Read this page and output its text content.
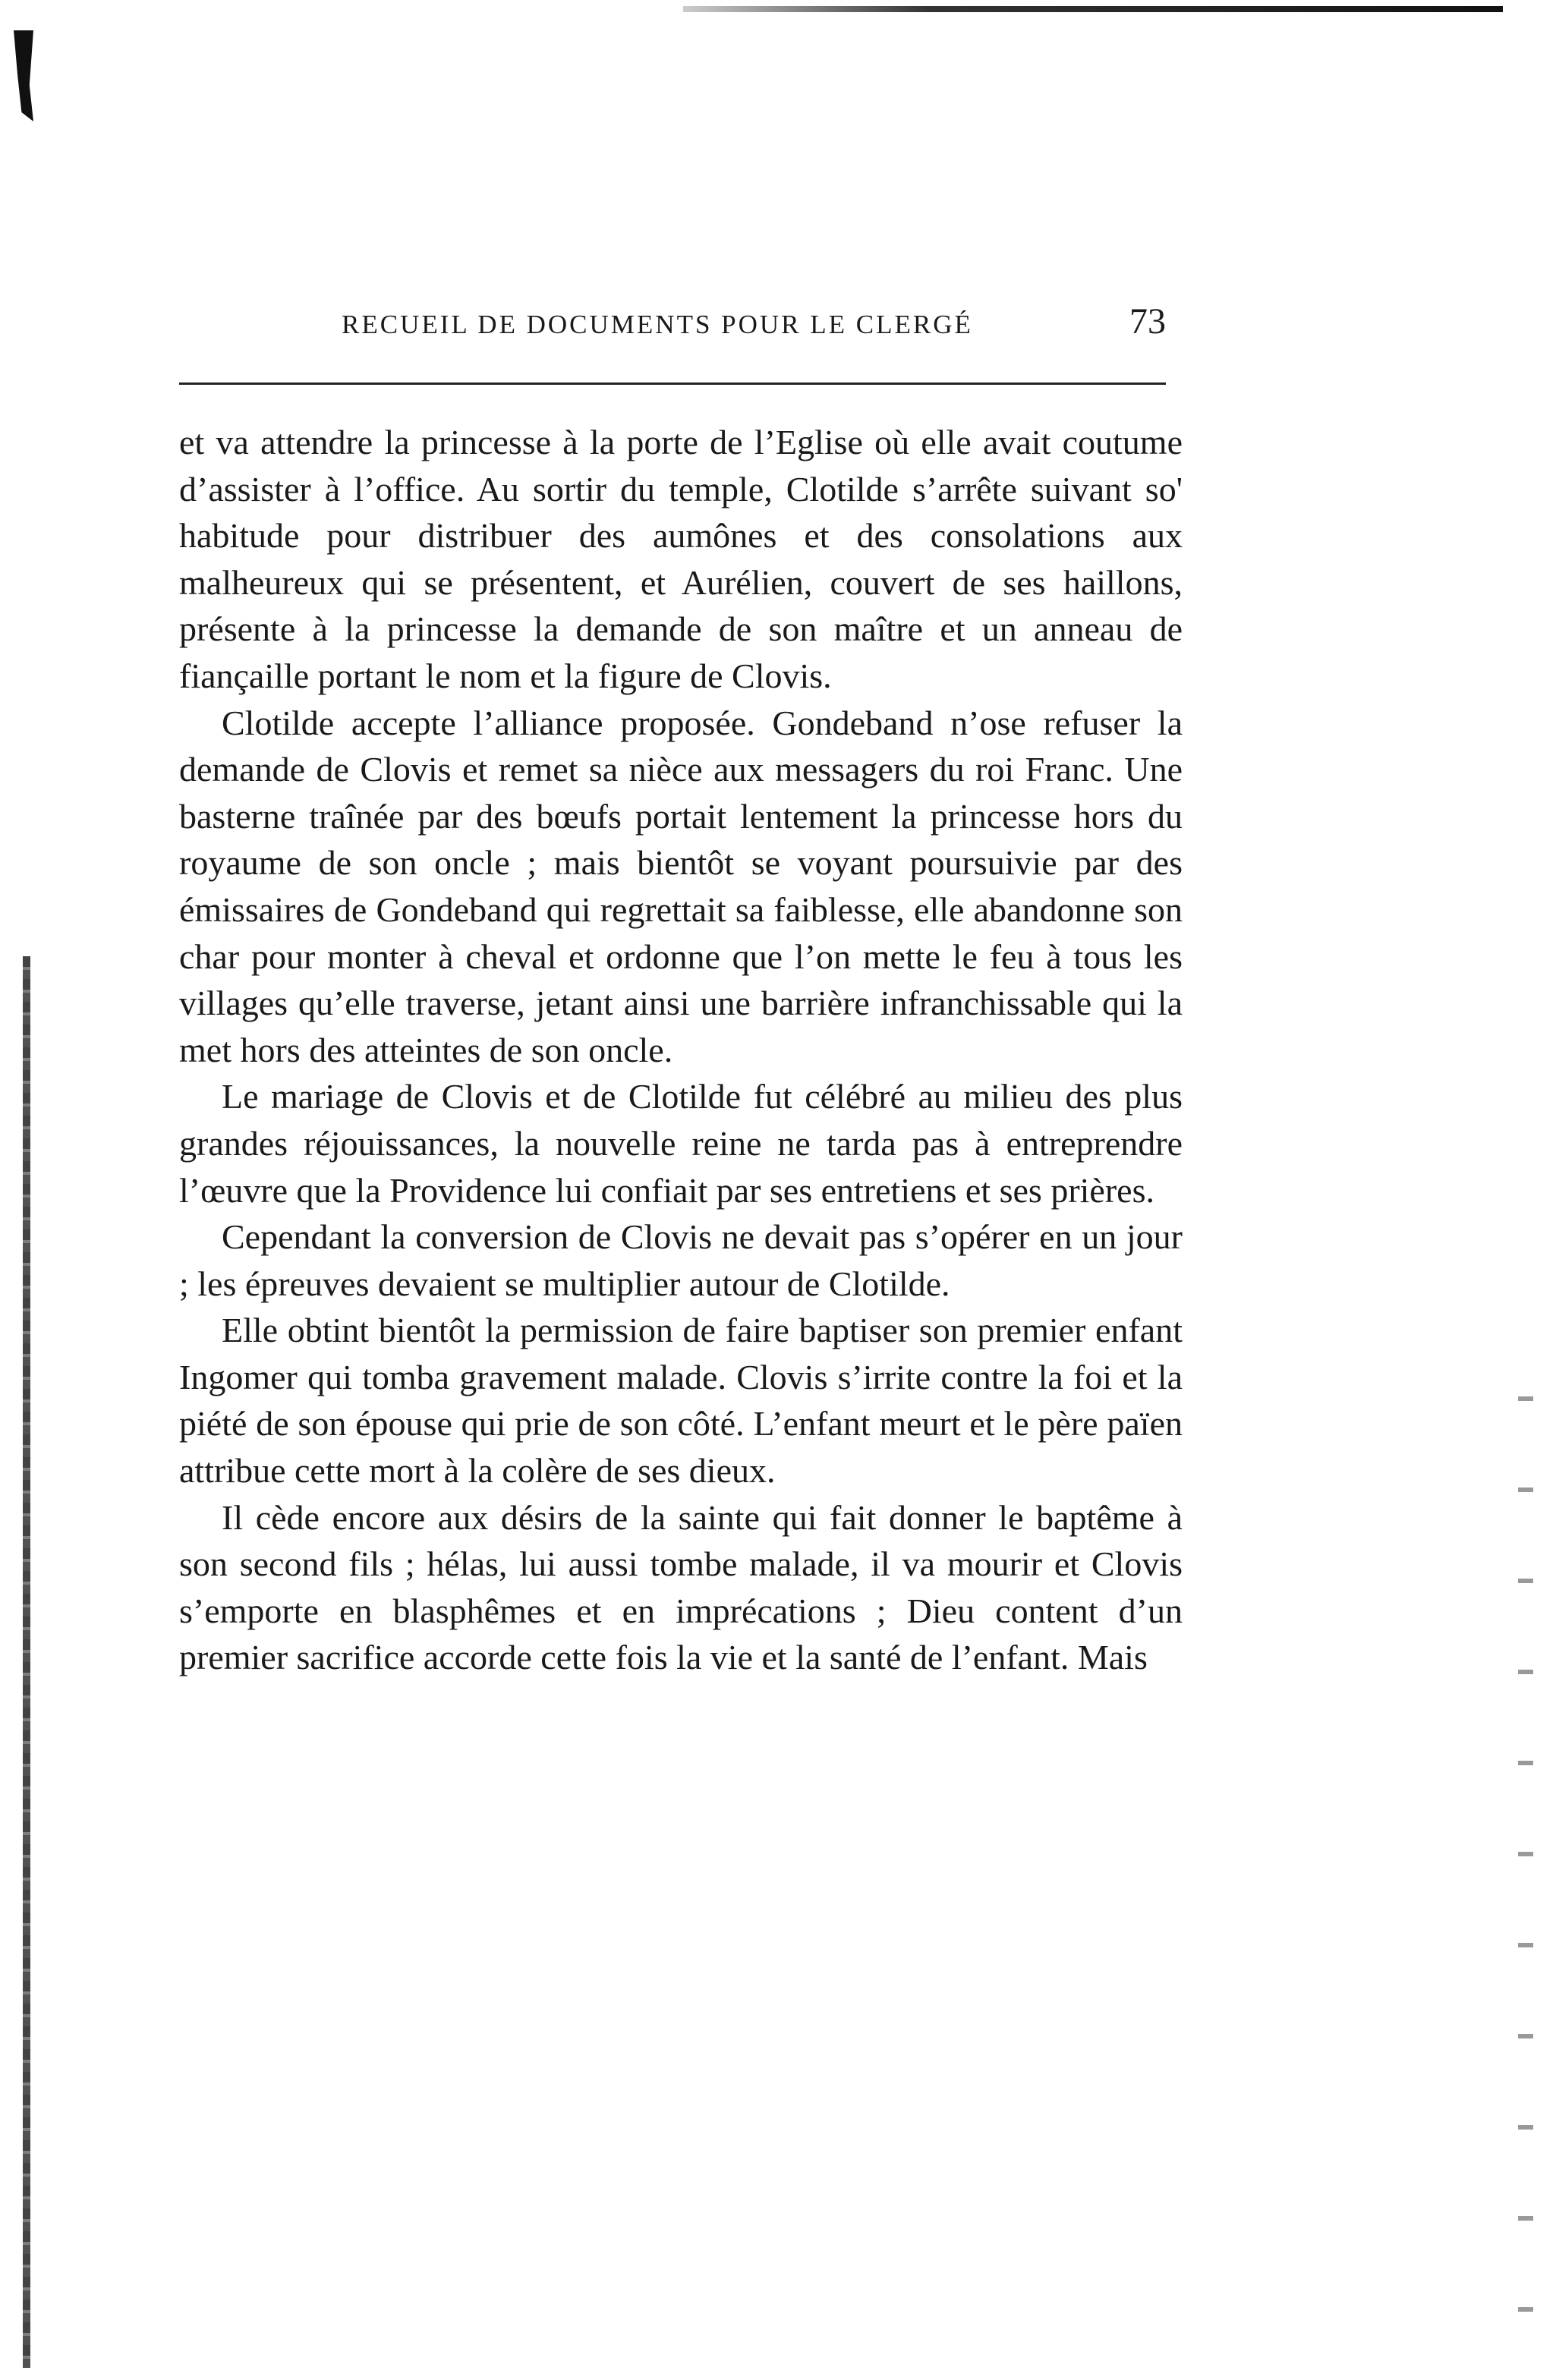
RECUEIL DE DOCUMENTS POUR LE CLERGÉ	73

et va attendre la princesse à la porte de l’Eglise où elle avait coutume d’assister à l’office. Au sortir du temple, Clotilde s’arrête suivant so' habitude pour distribuer des aumônes et des consolations aux malheureux qui se présentent, et Aurélien, couvert de ses haillons, présente à la princesse la demande de son maître et un anneau de fiançaille portant le nom et la figure de Clovis.

Clotilde accepte l’alliance proposée. Gondeband n’ose refuser la demande de Clovis et remet sa nièce aux messagers du roi Franc. Une basterne traînée par des bœufs portait lentement la princesse hors du royaume de son oncle ; mais bientôt se voyant poursuivie par des émissaires de Gondeband qui regrettait sa faiblesse, elle abandonne son char pour monter à cheval et ordonne que l’on mette le feu à tous les villages qu’elle traverse, jetant ainsi une barrière infranchissable qui la met hors des atteintes de son oncle.

Le mariage de Clovis et de Clotilde fut célébré au milieu des plus grandes réjouissances, la nouvelle reine ne tarda pas à entreprendre l’œuvre que la Providence lui confiait par ses entretiens et ses prières.

Cependant la conversion de Clovis ne devait pas s’opérer en un jour ; les épreuves devaient se multiplier autour de Clotilde.

Elle obtint bientôt la permission de faire baptiser son premier enfant Ingomer qui tomba gravement malade. Clovis s’irrite contre la foi et la piété de son épouse qui prie de son côté. L’enfant meurt et le père païen attribue cette mort à la colère de ses dieux.

Il cède encore aux désirs de la sainte qui fait donner le baptême à son second fils ; hélas, lui aussi tombe malade, il va mourir et Clovis s’emporte en blasphêmes et en imprécations ; Dieu content d’un premier sacrifice accorde cette fois la vie et la santé de l’enfant. Mais
